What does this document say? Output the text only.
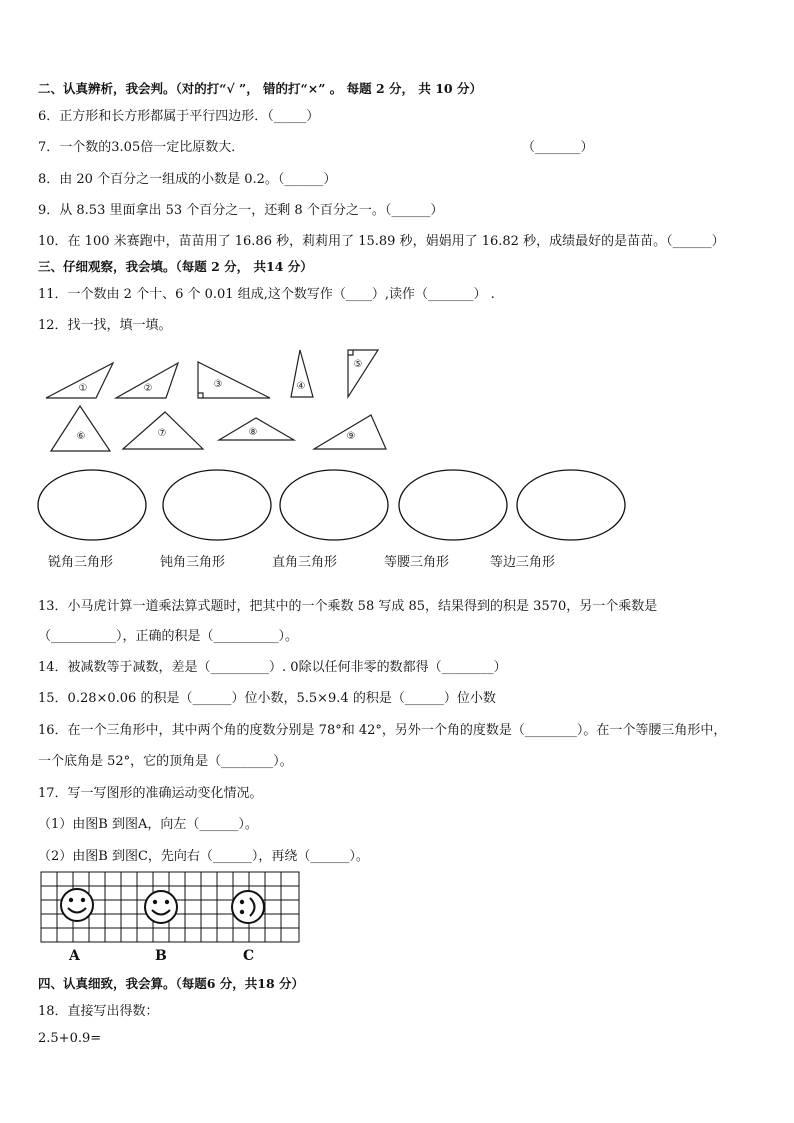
二、认真辨析，我会判。（对的打“√ ”， 错的打“×” 。 每题 2 分， 共 10 分）
6．正方形和长方形都属于平行四边形．（_____）
7．一个数的3.05倍一定比原数大．	（_______）
8．由 20 个百分之一组成的小数是 0.2。（______）
9．从 8.53 里面拿出 53 个百分之一，还剩 8 个百分之一。（______）
10．在 100 米赛跑中，苗苗用了 16.86 秒，莉莉用了 15.89 秒，娟娟用了 16.82 秒，成绩最好的是苗苗。（______）
三、仔细观察，我会填。（每题 2 分， 共14 分）
11．一个数由 2 个十、6 个 0.01 组成,这个数写作（____）,读作（_______） .
12．找一找，填一填。
①	②	③	④
⑤
⑥	⑦	⑧	⑨
锐角三角形	钝角三角形	直角三角形	等腰三角形	等边三角形
13．小马虎计算一道乘法算式题时，把其中的一个乘数 58 写成 85，结果得到的积是 3570，另一个乘数是
（__________），正确的积是（__________）。
14．被减数等于减数，差是（_________）. 0除以任何非零的数都得（________）
15．0.28×0.06 的积是（______）位小数，5.5×9.4 的积是（______）位小数
16．在一个三角形中，其中两个角的度数分别是 78°和 42°，另外一个角的度数是（________）。在一个等腰三角形中，
一个底角是 52°，它的顶角是（________）。
17．写一写图形的准确运动变化情况。
（1）由图B 到图A，向左（______）。
（2）由图B 到图C，先向右（______），再绕（______）。
A	B	C
四、认真细致，我会算。（每题6 分，共18 分）
18．直接写出得数：
2.5+0.9=
